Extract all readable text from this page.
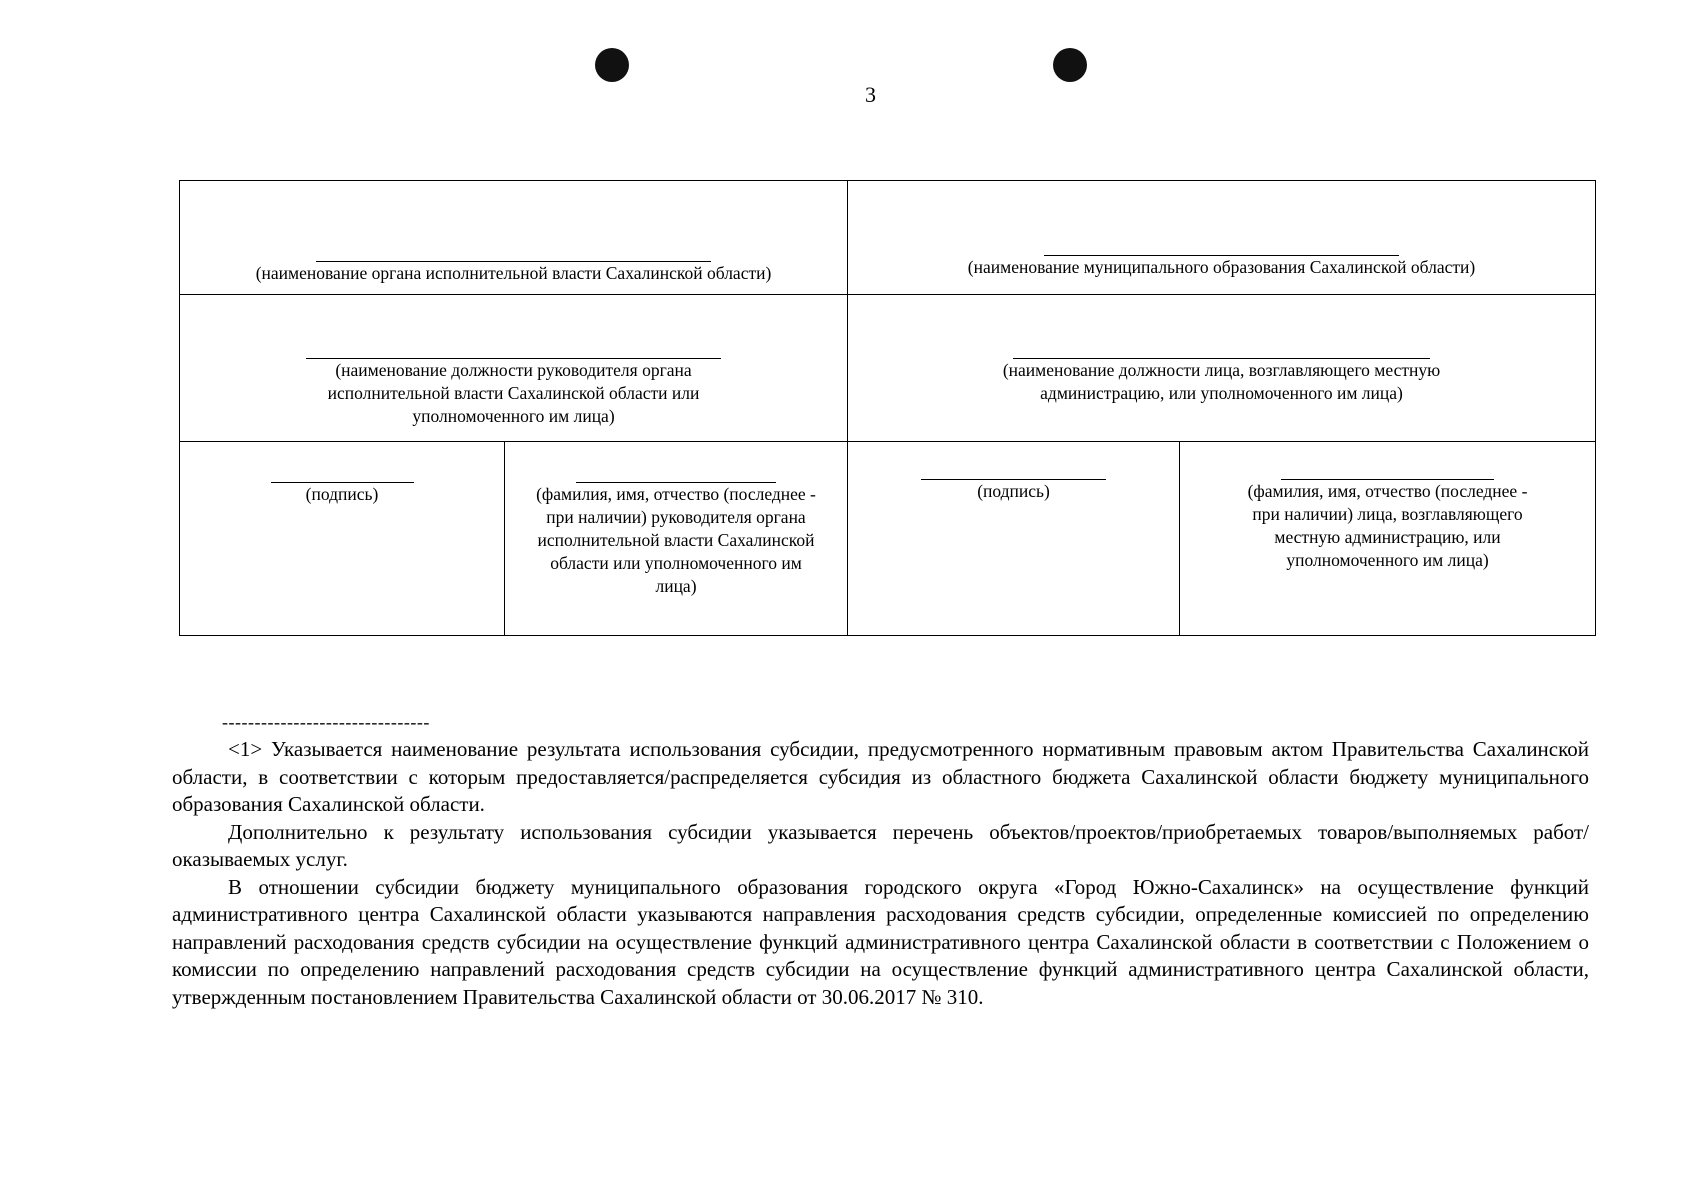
3
(наименование органа исполнительной власти Сахалинской области)		(наименование муниципального образования Сахалинской области)	

(наименование должности руководителя органа исполнительной власти Сахалинской области или уполномоченного им лица)		(наименование должности лица, возглавляющего местную администрацию, или уполномоченного им лица)	

(подпись)	(фамилия, имя, отчество (последнее - при наличии) руководителя органа исполнительной власти Сахалинской области или уполномоченного им лица)	(подпись)	(фамилия, имя, отчество (последнее - при наличии) лица, возглавляющего местную администрацию, или уполномоченного им лица)
--------------------------------

<1> Указывается наименование результата использования субсидии, предусмотренного нормативным правовым актом Правительства Сахалинской области, в соответствии с которым предоставляется/распределяется субсидия из областного бюджета Сахалинской области бюджету муниципального образования Сахалинской области.

Дополнительно к результату использования субсидии указывается перечень объектов/проектов/приобретаемых товаров/выполняемых работ/оказываемых услуг.

В отношении субсидии бюджету муниципального образования городского округа «Город Южно-Сахалинск» на осуществление функций административного центра Сахалинской области указываются направления расходования средств субсидии, определенные комиссией по определению направлений расходования средств субсидии на осуществление функций административного центра Сахалинской области в соответствии с Положением о комиссии по определению направлений расходования средств субсидии на осуществление функций административного центра Сахалинской области, утвержденным постановлением Правительства Сахалинской области от 30.06.2017 № 310.
